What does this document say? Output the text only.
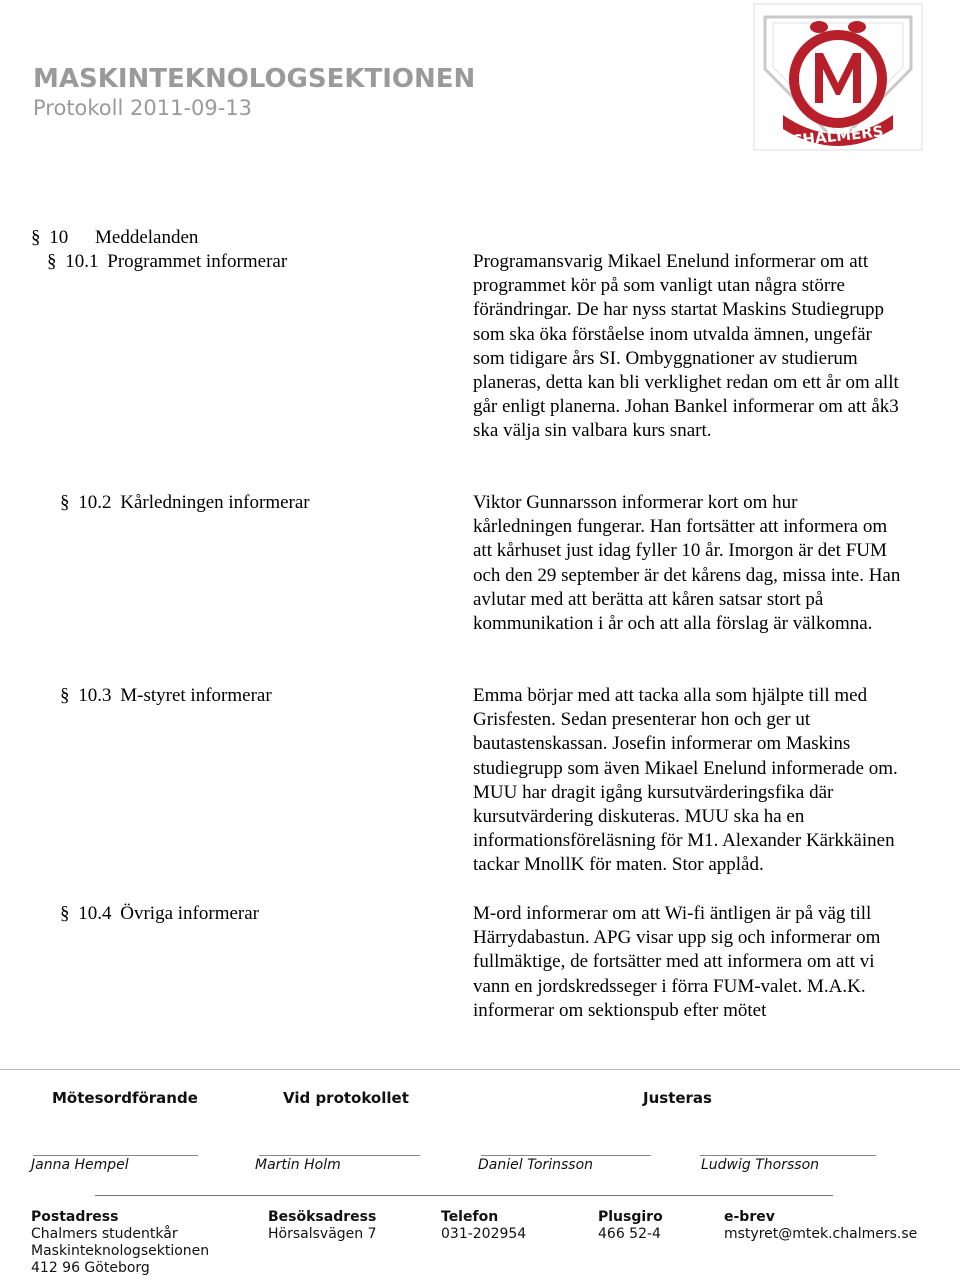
MASKINTEKNOLOGSEKTIONEN
Protokoll 2011-09-13
CHALMERS
§ 10 Meddelanden
§ 10.1 Programmet informerar	Programansvarig Mikael Enelund informerar om att
programmet kör på som vanligt utan några större
förändringar. De har nyss startat Maskins Studiegrupp
som ska öka förståelse inom utvalda ämnen, ungefär
som tidigare års SI. Ombyggnationer av studierum
planeras, detta kan bli verklighet redan om ett år om allt
går enligt planerna. Johan Bankel informerar om att åk3
ska välja sin valbara kurs snart.
§ 10.2 Kårledningen informerar	Viktor Gunnarsson informerar kort om hur
kårledningen fungerar. Han fortsätter att informera om
att kårhuset just idag fyller 10 år. Imorgon är det FUM
och den 29 september är det kårens dag, missa inte. Han
avlutar med att berätta att kåren satsar stort på
kommunikation i år och att alla förslag är välkomna.
§ 10.3 M-styret informerar	Emma börjar med att tacka alla som hjälpte till med
Grisfesten. Sedan presenterar hon och ger ut
bautastenskassan. Josefin informerar om Maskins
studiegrupp som även Mikael Enelund informerade om.
MUU har dragit igång kursutvärderingsfika där
kursutvärdering diskuteras. MUU ska ha en
informationsföreläsning för M1. Alexander Kärkkäinen
tackar MnollK för maten. Stor applåd.
§ 10.4 Övriga informerar	M-ord informerar om att Wi-fi äntligen är på väg till
Härrydabastun. APG visar upp sig och informerar om
fullmäktige, de fortsätter med att informera om att vi
vann en jordskredsseger i förra FUM-valet. M.A.K.
informerar om sektionspub efter mötet
Mötesordförande	Vid protokollet	Justeras
Janna Hempel	Martin Holm	Daniel Torinsson	Ludwig Thorsson
Postadress
Chalmers studentkår
Maskinteknologsektionen
412 96 Göteborg
Besöksadress
Hörsalsvägen 7
Telefon
031-202954
Plusgiro
466 52-4
e-brev
mstyret@mtek.chalmers.se
